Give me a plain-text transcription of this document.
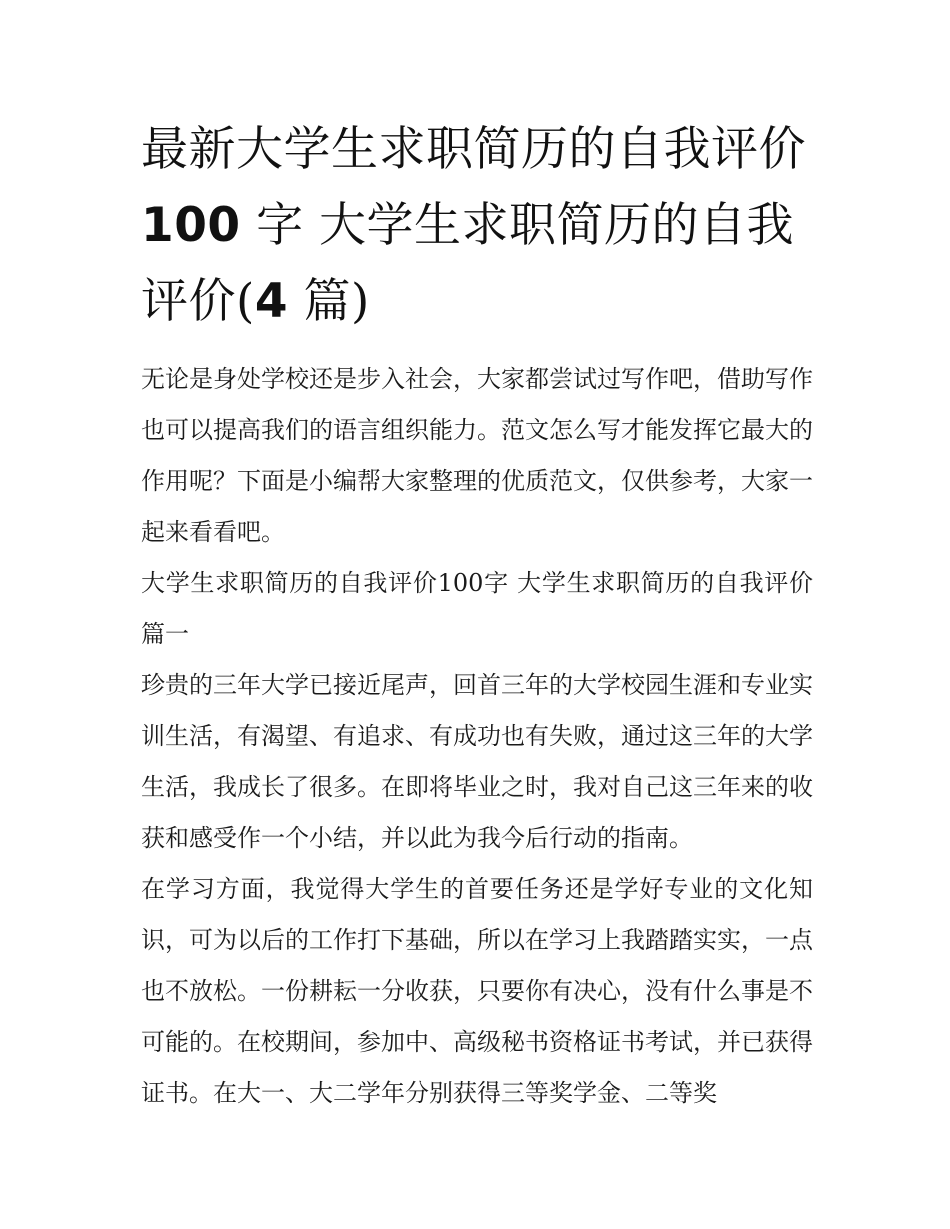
最新大学生求职简历的自我评价100 字 大学生求职简历的自我评价(4 篇)

无论是身处学校还是步入社会，大家都尝试过写作吧，借助写作也可以提高我们的语言组织能力。范文怎么写才能发挥它最大的作用呢？下面是小编帮大家整理的优质范文，仅供参考，大家一起来看看吧。

大学生求职简历的自我评价100字 大学生求职简历的自我评价篇一

珍贵的三年大学已接近尾声，回首三年的大学校园生涯和专业实训生活，有渴望、有追求、有成功也有失败，通过这三年的大学生活，我成长了很多。在即将毕业之时，我对自己这三年来的收获和感受作一个小结，并以此为我今后行动的指南。

在学习方面，我觉得大学生的首要任务还是学好专业的文化知识，可为以后的工作打下基础，所以在学习上我踏踏实实，一点也不放松。一份耕耘一分收获，只要你有决心，没有什么事是不可能的。在校期间，参加中、高级秘书资格证书考试，并已获得证书。在大一、大二学年分别获得三等奖学金、二等奖
